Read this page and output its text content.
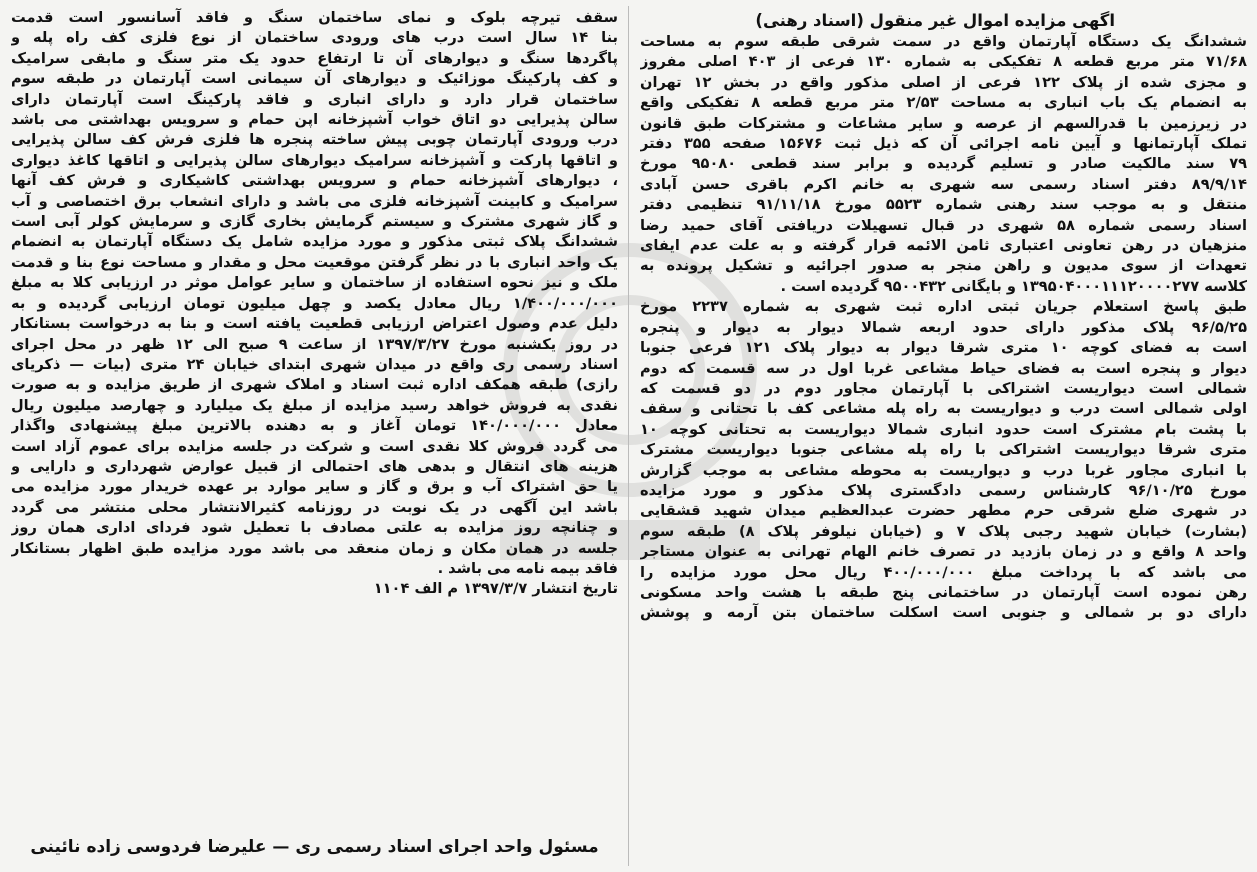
اگهی مزایده اموال غیر منقول (اسناد رهنی)
ششدانگ یک دستگاه آپارتمان واقع در سمت شرقی طبقه سوم به مساحت
۷۱/۶۸ متر مربع قطعه ۸ تفکیکی به شماره ۱۳۰ فرعی از ۴۰۳ اصلی مفروز
و مجزی شده از پلاک ۱۲۲ فرعی از اصلی مذکور واقع در بخش ۱۲ تهران
به انضمام یک باب انباری به مساحت ۲/۵۳ متر مربع قطعه ۸ تفکیکی واقع
در زیرزمین با قدرالسهم از عرصه و سایر مشاعات و مشترکات طبق قانون
تملک آپارتمانها و آیین نامه اجرائی آن که ذیل ثبت ۱۵۶۷۶ صفحه ۳۵۵ دفتر
۷۹ سند مالکیت صادر و تسلیم گردیده و برابر سند قطعی ۹۵۰۸۰ مورخ
۸۹/۹/۱۴ دفتر اسناد رسمی سه شهری به خانم اکرم باقری حسن آبادی
منتقل و به موجب سند رهنی شماره ۵۵۲۳ مورخ ۹۱/۱۱/۱۸ تنظیمی دفتر
اسناد رسمی شماره ۵۸ شهری در قبال تسهیلات دریافتی آقای حمید رضا
منزهیان در رهن تعاونی اعتباری ثامن الائمه قرار گرفته و به علت عدم ایفای
تعهدات از سوی مدیون و راهن منجر به صدور اجرائیه و تشکیل پرونده به
کلاسه ۱۳۹۵۰۴۰۰۰۱۱۱۲۰۰۰۰۲۷۷ و بایگانی ۹۵۰۰۴۳۲ گردیده است .
طبق پاسخ استعلام جریان ثبتی اداره ثبت شهری به شماره ۲۲۳۷ مورخ
۹۶/۵/۲۵ پلاک مذکور دارای حدود اربعه شمالا دیوار به دیوار و پنجره
است به فضای کوچه ۱۰ متری شرقا دیوار به دیوار پلاک ۱۲۱ فرعی جنوبا
دیوار و پنجره است به فضای حیاط مشاعی غربا اول در سه قسمت که دوم
شمالی است دیواریست اشتراکی با آپارتمان مجاور دوم در دو قسمت که
اولی شمالی است درب و دیواریست به راه پله مشاعی کف با تحتانی و سقف
با پشت بام مشترک است حدود انباری شمالا دیواریست به تحتانی کوچه ۱۰
متری شرقا دیواریست اشتراکی با راه پله مشاعی جنوبا دیواریست مشترک
با انباری مجاور غربا درب و دیواریست به محوطه مشاعی به موجب گزارش
مورخ ۹۶/۱۰/۲۵ کارشناس رسمی دادگستری پلاک مذکور و مورد مزایده
در شهری ضلع شرقی حرم مطهر حضرت عبدالعظیم میدان شهید قشقایی
(بشارت) خیابان شهید رجبی پلاک ۷ و (خیابان نیلوفر پلاک ۸) طبقه سوم
واحد ۸ واقع و در زمان بازدید در تصرف خانم الهام تهرانی به عنوان مستاجر
می باشد که با پرداخت مبلغ ۴۰۰/۰۰۰/۰۰۰ ریال محل مورد مزایده را
رهن نموده است آپارتمان در ساختمانی پنج طبقه با هشت واحد مسکونی
دارای دو بر شمالی و جنوبی است اسکلت ساختمان بتن آرمه و پوشش
سقف تیرچه بلوک و نمای ساختمان سنگ و فاقد آسانسور است قدمت
بنا ۱۴ سال است درب های ورودی ساختمان از نوع فلزی کف راه پله و
پاگردها سنگ و دیوارهای آن تا ارتفاع حدود یک متر سنگ و مابقی سرامیک
و کف پارکینگ موزائیک و دیوارهای آن سیمانی است آپارتمان در طبقه سوم
ساختمان قرار دارد و دارای انباری و فاقد پارکینگ است آپارتمان دارای
سالن پذیرایی دو اتاق خواب آشپزخانه اپن حمام و سرویس بهداشتی می باشد
درب ورودی آپارتمان چوبی پیش ساخته پنجره ها فلزی فرش کف سالن پذیرایی
و اتاقها پارکت و آشپزخانه سرامیک دیوارهای سالن پذیرایی و اتاقها کاغذ دیواری
، دیوارهای آشپزخانه حمام و سرویس بهداشتی کاشیکاری و فرش کف آنها
سرامیک و کابینت آشپزخانه فلزی می باشد و دارای انشعاب برق اختصاصی و آب
و گاز شهری مشترک و سیستم گرمایش بخاری گازی و سرمایش کولر آبی است
ششدانگ پلاک ثبتی مذکور و مورد مزایده شامل یک دستگاه آپارتمان به انضمام
یک واحد انباری با در نظر گرفتن موقعیت محل و مقدار و مساحت نوع بنا و قدمت
ملک و نیز نحوه استفاده از ساختمان و سایر عوامل موثر در ارزیابی کلا به مبلغ
۱/۴۰۰/۰۰۰/۰۰۰ ریال معادل یکصد و چهل میلیون تومان ارزیابی گردیده و به
دلیل عدم وصول اعتراض ارزیابی قطعیت یافته است و بنا به درخواست بستانکار
در روز یکشنبه مورخ ۱۳۹۷/۳/۲۷ از ساعت ۹ صبح الی ۱۲ ظهر در محل اجرای
اسناد رسمی ری واقع در میدان شهری ابتدای خیابان ۲۴ متری (بیات — ذکریای
رازی) طبقه همکف اداره ثبت اسناد و املاک شهری از طریق مزایده و به صورت
نقدی به فروش خواهد رسید مزایده از مبلغ یک میلیارد و چهارصد میلیون ریال
معادل ۱۴۰/۰۰۰/۰۰۰ تومان آغاز و به دهنده بالاترین مبلغ پیشنهادی واگذار
می گردد فروش کلا نقدی است و شرکت در جلسه مزایده برای عموم آزاد است
هزینه های انتقال و بدهی های احتمالی از قبیل عوارض شهرداری و دارایی و
یا حق اشتراک آب و برق و گاز و سایر موارد بر عهده خریدار مورد مزایده می
باشد این آگهی در یک نوبت در روزنامه کثیرالانتشار محلی منتشر می گردد
و چنانچه روز مزایده به علتی مصادف با تعطیل شود فردای اداری همان روز
جلسه در همان مکان و زمان منعقد می باشد مورد مزایده طبق اظهار بستانکار
فاقد بیمه نامه می باشد .
تاریخ انتشار ۱۳۹۷/۳/۷ م الف ۱۱۰۴
مسئول واحد اجرای اسناد رسمی ری — علیرضا فردوسی زاده نائینی
